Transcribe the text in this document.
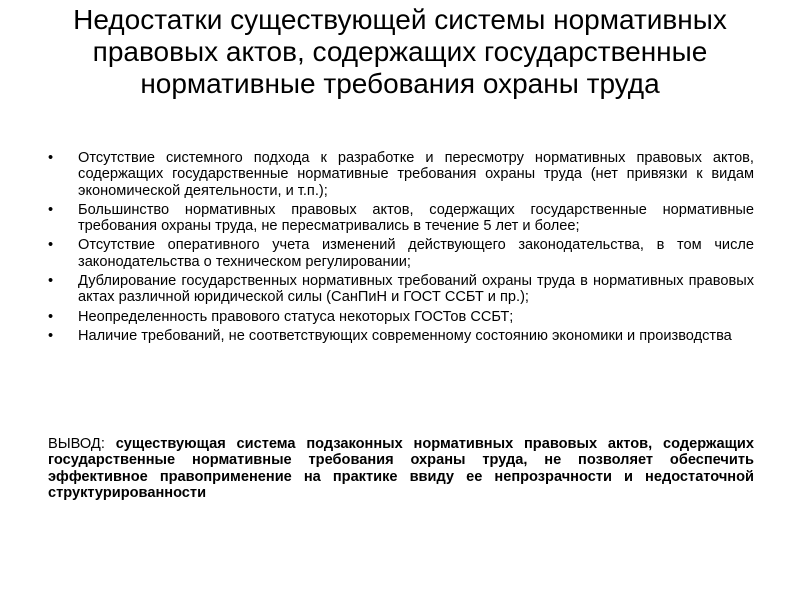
Недостатки существующей системы нормативных правовых актов, содержащих государственные нормативные требования охраны труда
•	Отсутствие системного подхода к разработке и пересмотру нормативных правовых актов, содержащих государственные нормативные требования охраны труда (нет привязки к видам экономической деятельности, и т.п.);
•	Большинство нормативных правовых актов, содержащих государственные нормативные требования охраны труда, не пересматривались в течение 5 лет и более;
•	Отсутствие оперативного учета изменений действующего законодательства, в том числе законодательства о техническом регулировании;
•	Дублирование государственных нормативных требований охраны труда в нормативных правовых актах различной юридической силы (СанПиН и ГОСТ ССБТ и пр.);
•	Неопределенность правового статуса некоторых ГОСТов ССБТ;
•	Наличие требований, не соответствующих современному состоянию экономики и производства

ВЫВОД: существующая система подзаконных нормативных правовых актов, содержащих государственные нормативные требования охраны труда, не позволяет обеспечить эффективное правоприменение на практике ввиду ее непрозрачности и недостаточной структурированности
